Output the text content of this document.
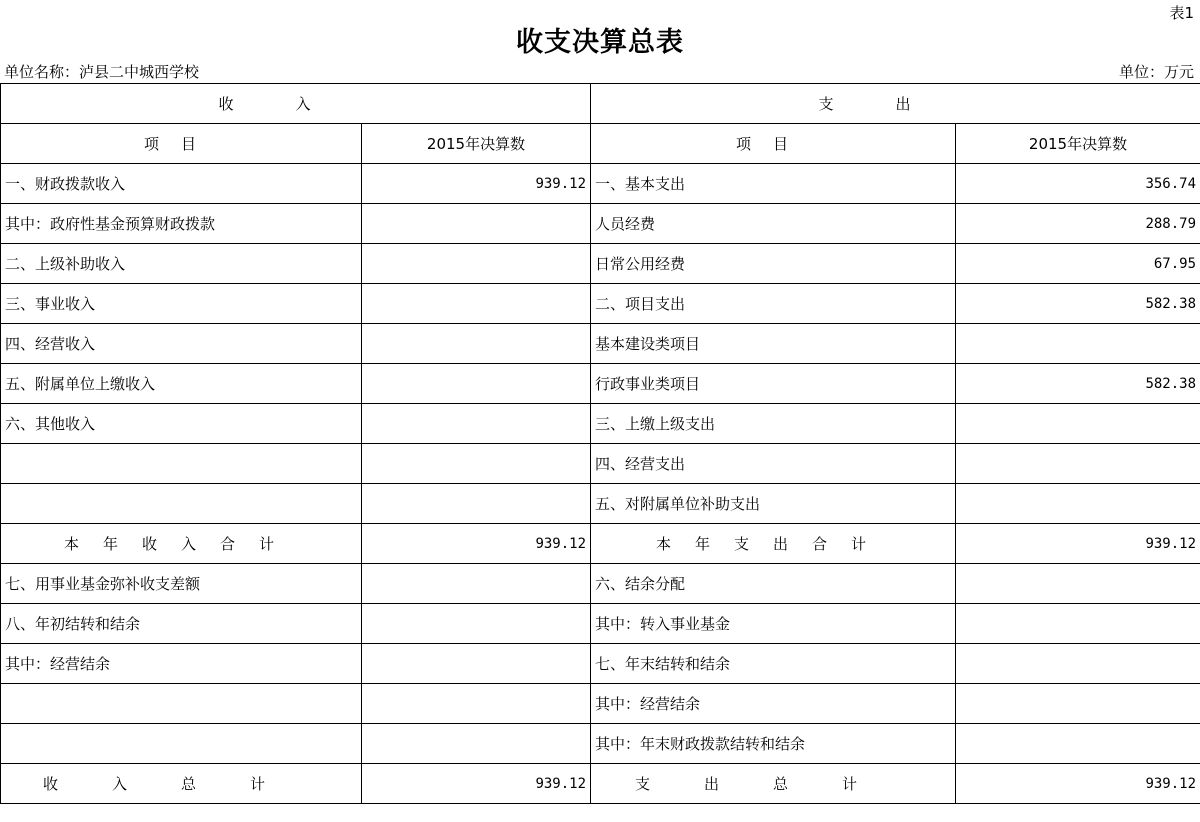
表1
收支决算总表
单位名称：泸县二中城西学校	单位：万元
收入		支出	
项目	2015年决算数	项目	2015年决算数
一、财政拨款收入	939.12	一、基本支出	356.74
其中：政府性基金预算财政拨款		人员经费	288.79
二、上级补助收入		日常公用经费	67.95
三、事业收入		二、项目支出	582.38
四、经营收入		基本建设类项目	
五、附属单位上缴收入		行政事业类项目	582.38
六、其他收入		三、上缴上级支出	
		四、经营支出	
		五、对附属单位补助支出	
本年收入合计	939.12	本年支出合计	939.12
七、用事业基金弥补收支差额		六、结余分配	
八、年初结转和结余		其中：转入事业基金	
其中：经营结余		七、年末结转和结余	
		其中：经营结余	
		其中：年末财政拨款结转和结余	
收入总计	939.12	支出总计	939.12
